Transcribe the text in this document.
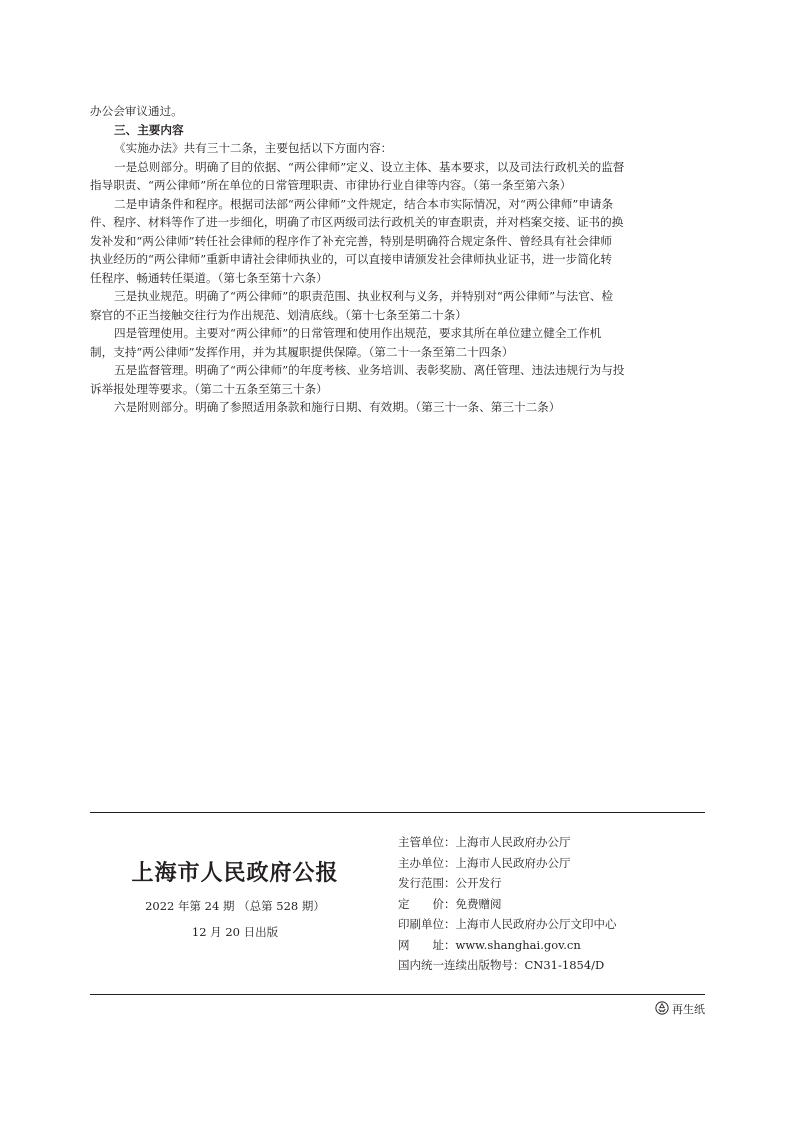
办公会审议通过。
三、主要内容
《实施办法》共有三十二条，主要包括以下方面内容：
一是总则部分。明确了目的依据、“两公律师”定义、设立主体、基本要求，以及司法行政机关的监督
指导职责、“两公律师”所在单位的日常管理职责、市律协行业自律等内容。（第一条至第六条）
二是申请条件和程序。根据司法部“两公律师”文件规定，结合本市实际情况，对“两公律师”申请条
件、程序、材料等作了进一步细化，明确了市区两级司法行政机关的审查职责，并对档案交接、证书的换
发补发和“两公律师”转任社会律师的程序作了补充完善，特别是明确符合规定条件、曾经具有社会律师
执业经历的“两公律师”重新申请社会律师执业的，可以直接申请颁发社会律师执业证书，进一步简化转
任程序、畅通转任渠道。（第七条至第十六条）
三是执业规范。明确了“两公律师”的职责范围、执业权利与义务，并特别对“两公律师”与法官、检
察官的不正当接触交往行为作出规范、划清底线。（第十七条至第二十条）
四是管理使用。主要对“两公律师”的日常管理和使用作出规范，要求其所在单位建立健全工作机
制，支持“两公律师”发挥作用，并为其履职提供保障。（第二十一条至第二十四条）
五是监督管理。明确了“两公律师”的年度考核、业务培训、表彰奖励、离任管理、违法违规行为与投
诉举报处理等要求。（第二十五条至第三十条）
六是附则部分。明确了参照适用条款和施行日期、有效期。（第三十一条、第三十二条）
上海市人民政府公报
2022 年第 24 期 （总第 528 期）
12 月 20 日出版
主管单位：上海市人民政府办公厅
主办单位：上海市人民政府办公厅
发行范围：公开发行
定　　价：免费赠阅
印刷单位：上海市人民政府办公厅文印中心
网　　址：www.shanghai.gov.cn
国内统一连续出版物号：CN31-1854/D
再生纸
